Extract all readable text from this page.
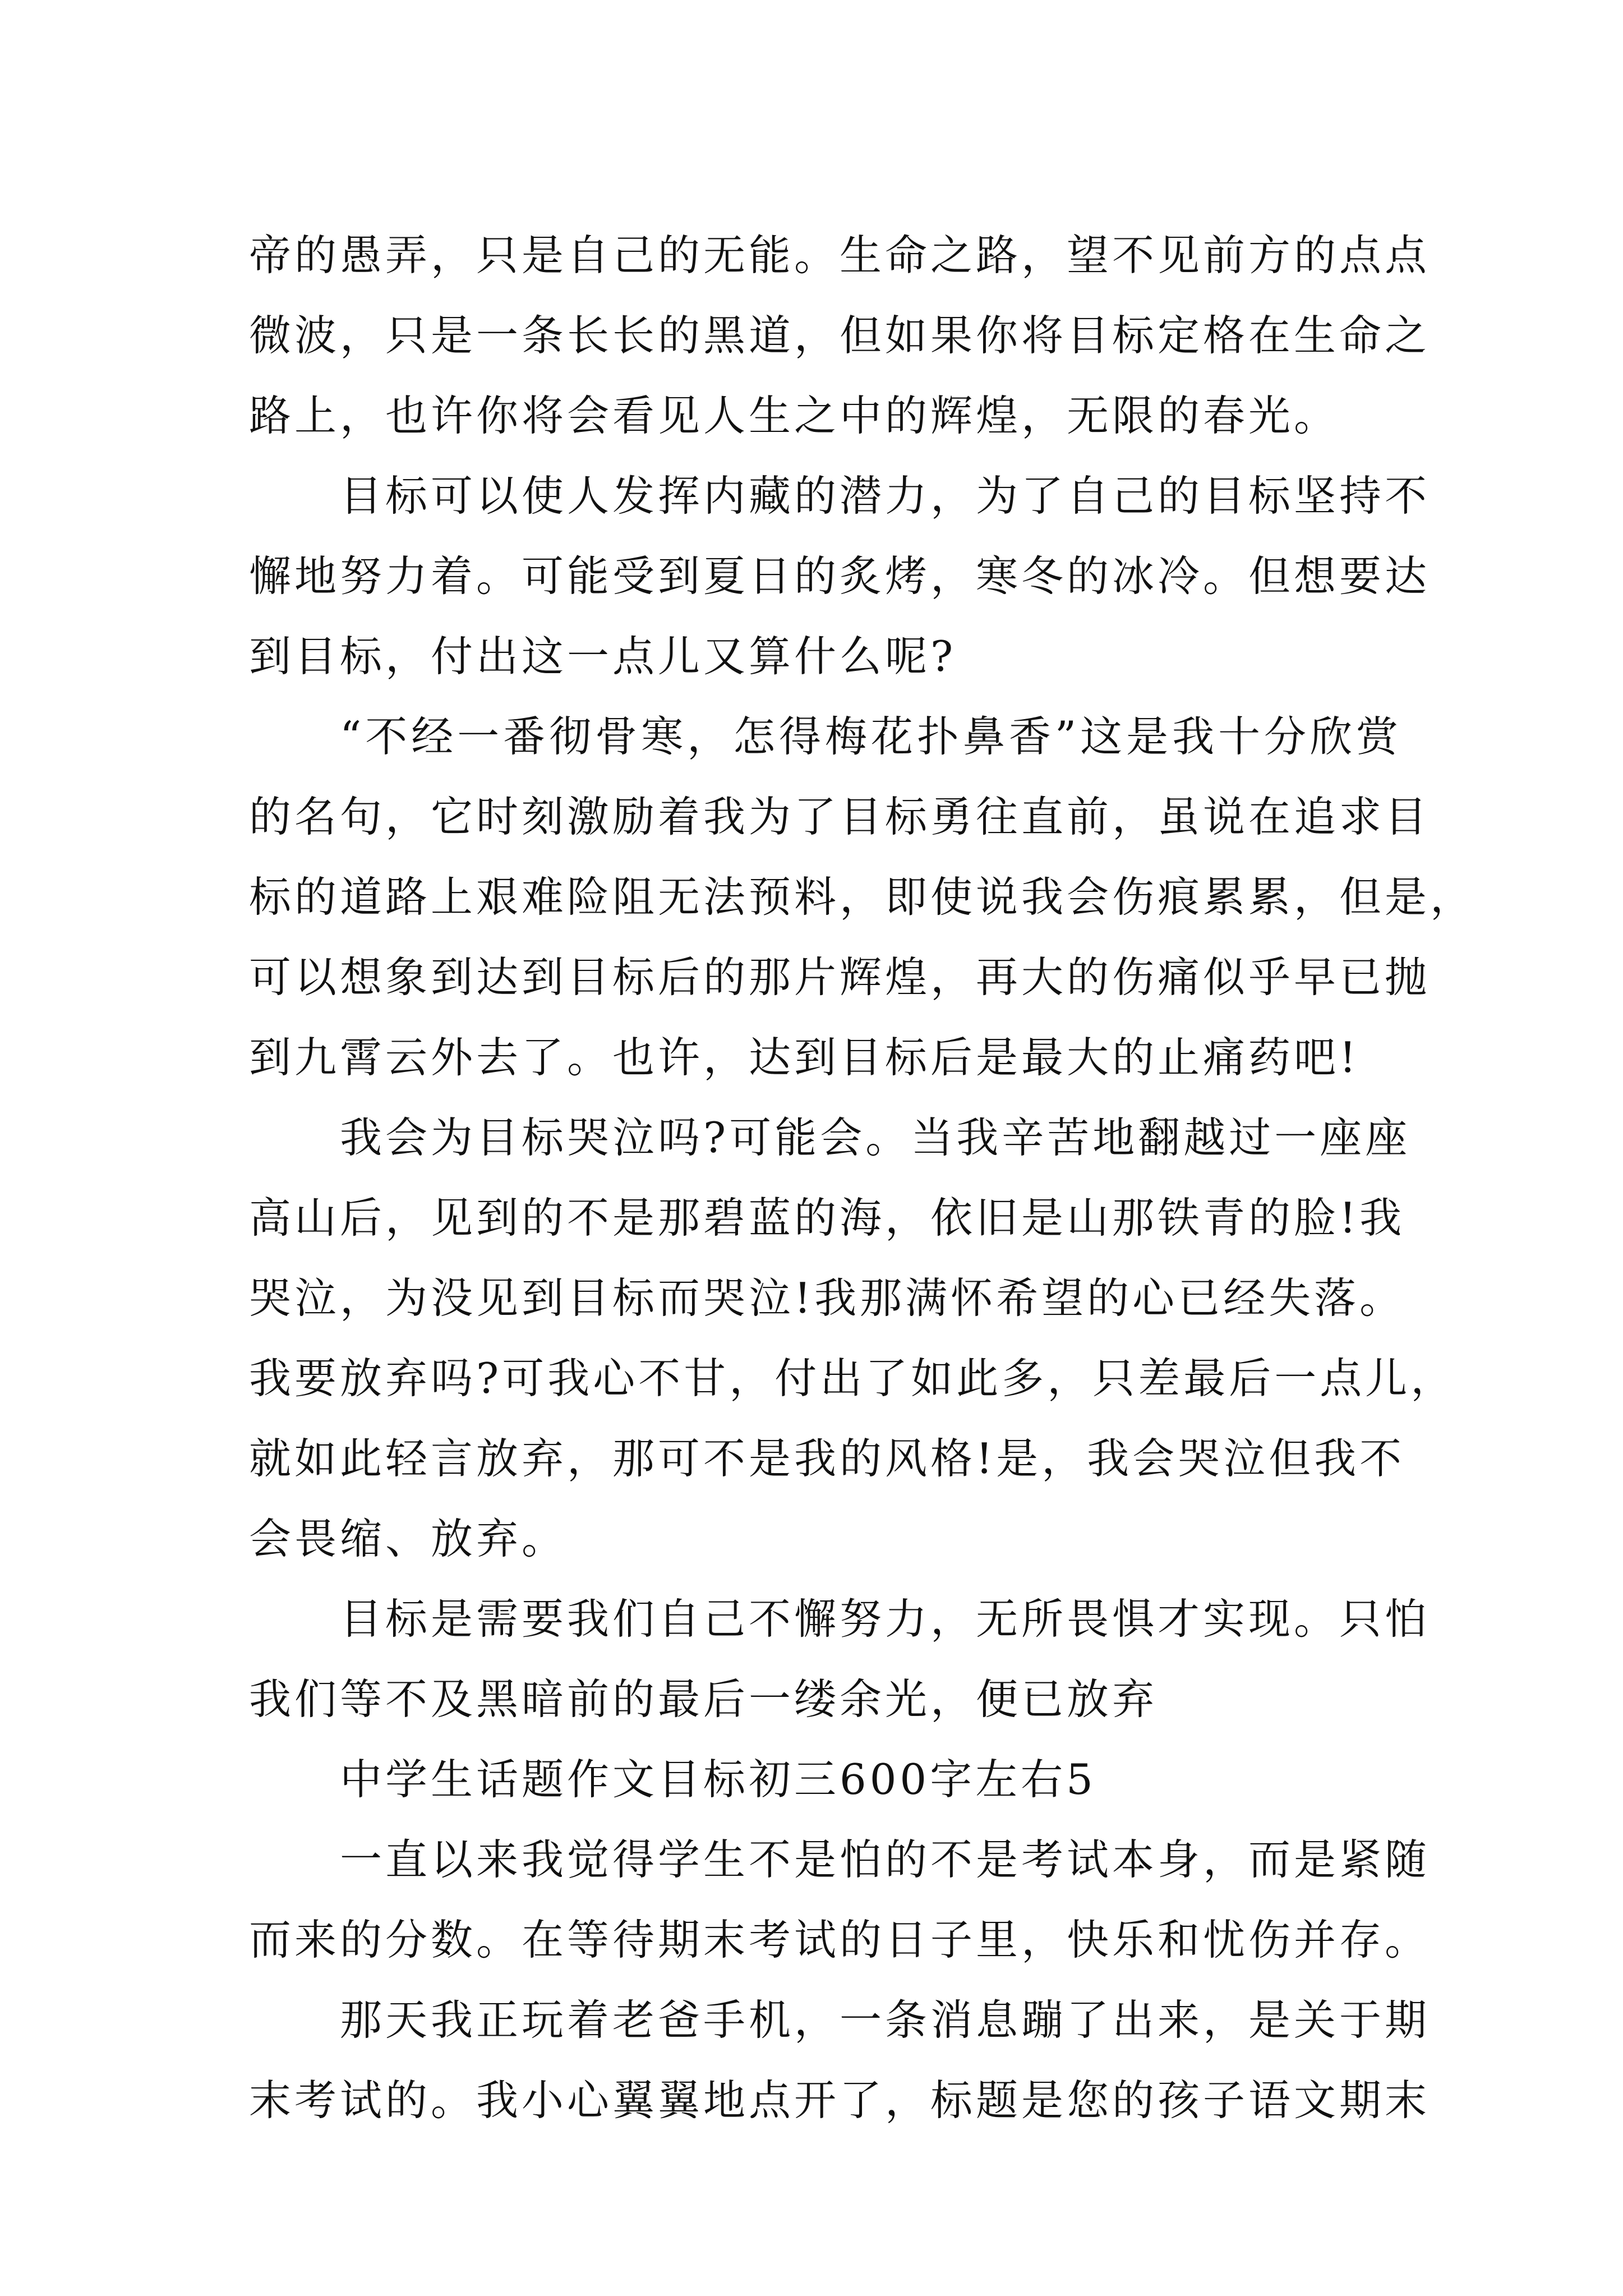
帝的愚弄，只是自己的无能。生命之路，望不见前方的点点
微波，只是一条长长的黑道，但如果你将目标定格在生命之
路上，也许你将会看见人生之中的辉煌，无限的春光。
目标可以使人发挥内藏的潜力，为了自己的目标坚持不
懈地努力着。可能受到夏日的炙烤，寒冬的冰冷。但想要达
到目标，付出这一点儿又算什么呢?
“不经一番彻骨寒，怎得梅花扑鼻香”这是我十分欣赏
的名句，它时刻激励着我为了目标勇往直前，虽说在追求目
标的道路上艰难险阻无法预料，即使说我会伤痕累累，但是，
可以想象到达到目标后的那片辉煌，再大的伤痛似乎早已抛
到九霄云外去了。也许，达到目标后是最大的止痛药吧!
我会为目标哭泣吗?可能会。当我辛苦地翻越过一座座
高山后，见到的不是那碧蓝的海，依旧是山那铁青的脸!我
哭泣，为没见到目标而哭泣!我那满怀希望的心已经失落。
我要放弃吗?可我心不甘，付出了如此多，只差最后一点儿，
就如此轻言放弃，那可不是我的风格!是，我会哭泣但我不
会畏缩、放弃。
目标是需要我们自己不懈努力，无所畏惧才实现。只怕
我们等不及黑暗前的最后一缕余光，便已放弃
中学生话题作文目标初三600字左右5
一直以来我觉得学生不是怕的不是考试本身，而是紧随
而来的分数。在等待期末考试的日子里，快乐和忧伤并存。
那天我正玩着老爸手机，一条消息蹦了出来，是关于期
末考试的。我小心翼翼地点开了，标题是您的孩子语文期末
